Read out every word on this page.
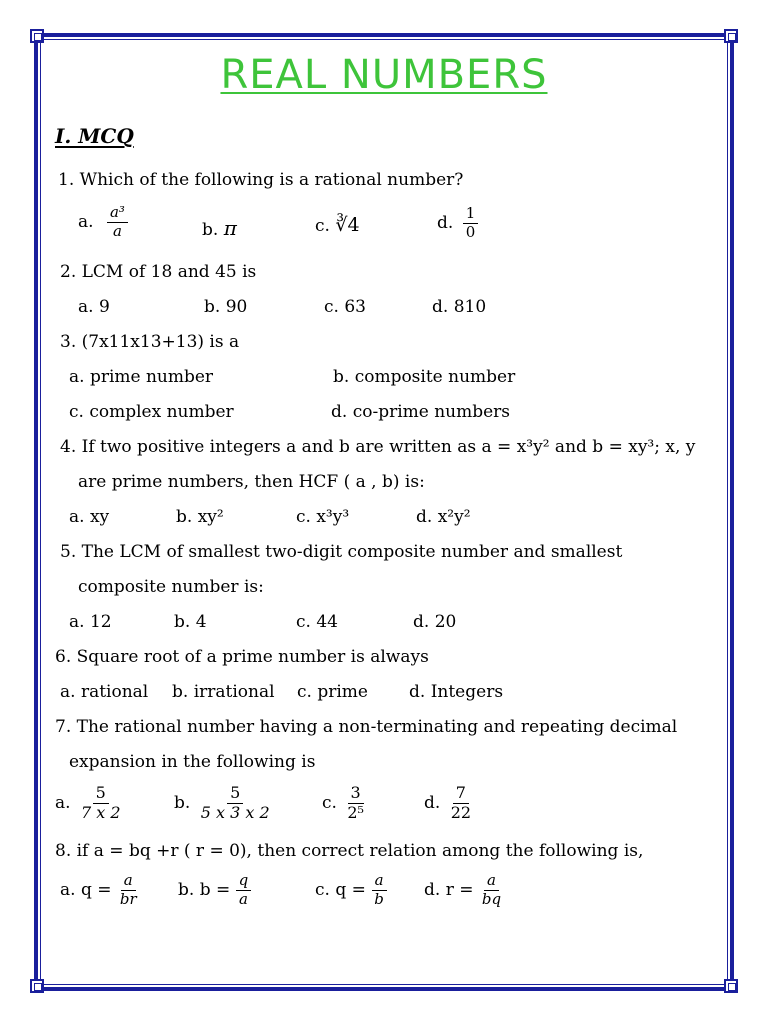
REAL NUMBERS
I. MCQ
1. Which of the following is a rational number?
a. $\frac{\text{a³}}{a}$	b. π	c. ∛4	d. $\frac{1}{0}$
2. LCM of 18 and 45 is
a. 9	b. 90	c. 63	d. 810
3. (7x11x13+13) is a
a. prime number	b. composite number
c. complex number	d. co-prime numbers
4. If two positive integers a and b are written as a = x³y² and b = xy³; x, y
are prime numbers, then HCF ( a , b) is:
a. xy	b. xy²	c. x³y³	d. x²y²
5. The LCM of smallest two-digit composite number and smallest
composite number is:
a. 12	b. 4	c. 44	d. 20
6. Square root of a prime number is always
a. rational b. irrational c. prime d. Integers
7. The rational number having a non-terminating and repeating decimal
expansion in the following is
a. $\frac{5}{7 x 2}$	b. $\frac{5}{5 x 3 x 2}$	c. $\frac{3}{\text{2⁵}}$	d. $\frac{7}{22}$
8. if a = bq +r ( r = 0), then correct relation among the following is,
a. $q = \frac{a}{br} b$. $b = \frac{q}{a}$	c. $q = \frac{a}{b} d$. $r = \frac{a}{bq}$
